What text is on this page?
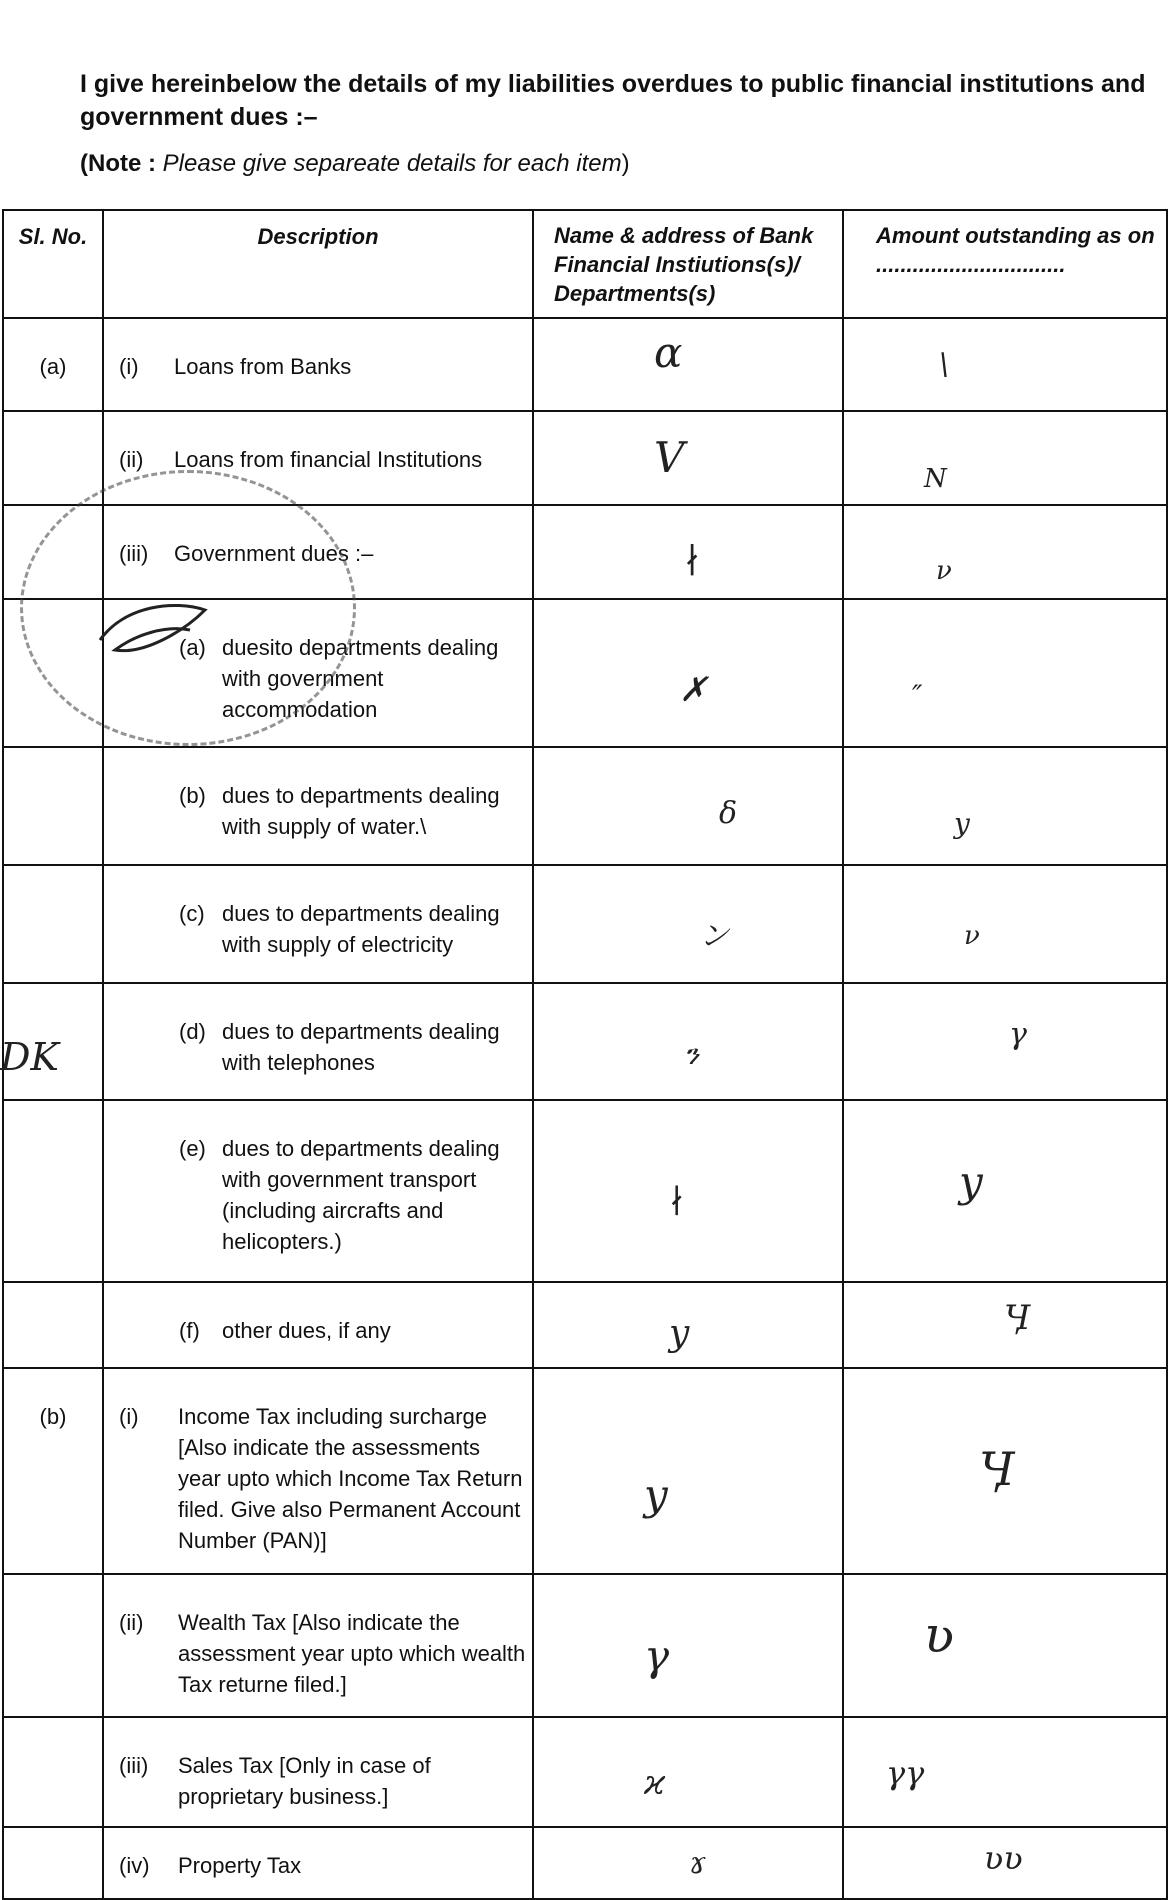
I give hereinbelow the details of my liabilities overdues to public financial institutions and government dues :–
(Note : Please give separeate details for each item)
Sl. No.	Description	Name & address of Bank Financial Instiutions(s)/ Departments(s)	Amount outstanding as on ...............................
(a)	(i) Loans from Banks	α	\

	(ii) Loans from financial Institutions	V	N

	(iii) Government dues :–	∤	ν

	(a) duesito departments dealing with government accommodation	✗	″

	(b) dues to departments dealing with supply of water.\	δ	y

	(c) dues to departments dealing with supply of electricity	ン	ν

	(d) dues to departments dealing with telephones	ን	γ

	(e) dues to departments dealing with government transport (including aircrafts and helicopters.)	∤	y

	(f) other dues, if any	y	Ӌ

(b)	(i) Income Tax including surcharge [Also indicate the assessments year upto which Income Tax Return filed. Give also Permanent Account Number (PAN)]	y	Ӌ

	(ii) Wealth Tax [Also indicate the assessment year upto which wealth Tax returne filed.]	γ	ʋ

	(iii) Sales Tax [Only in case of proprietary business.]	ϰ	γγ

	(iv) Property Tax	ɤ	ʋʋ
DK
